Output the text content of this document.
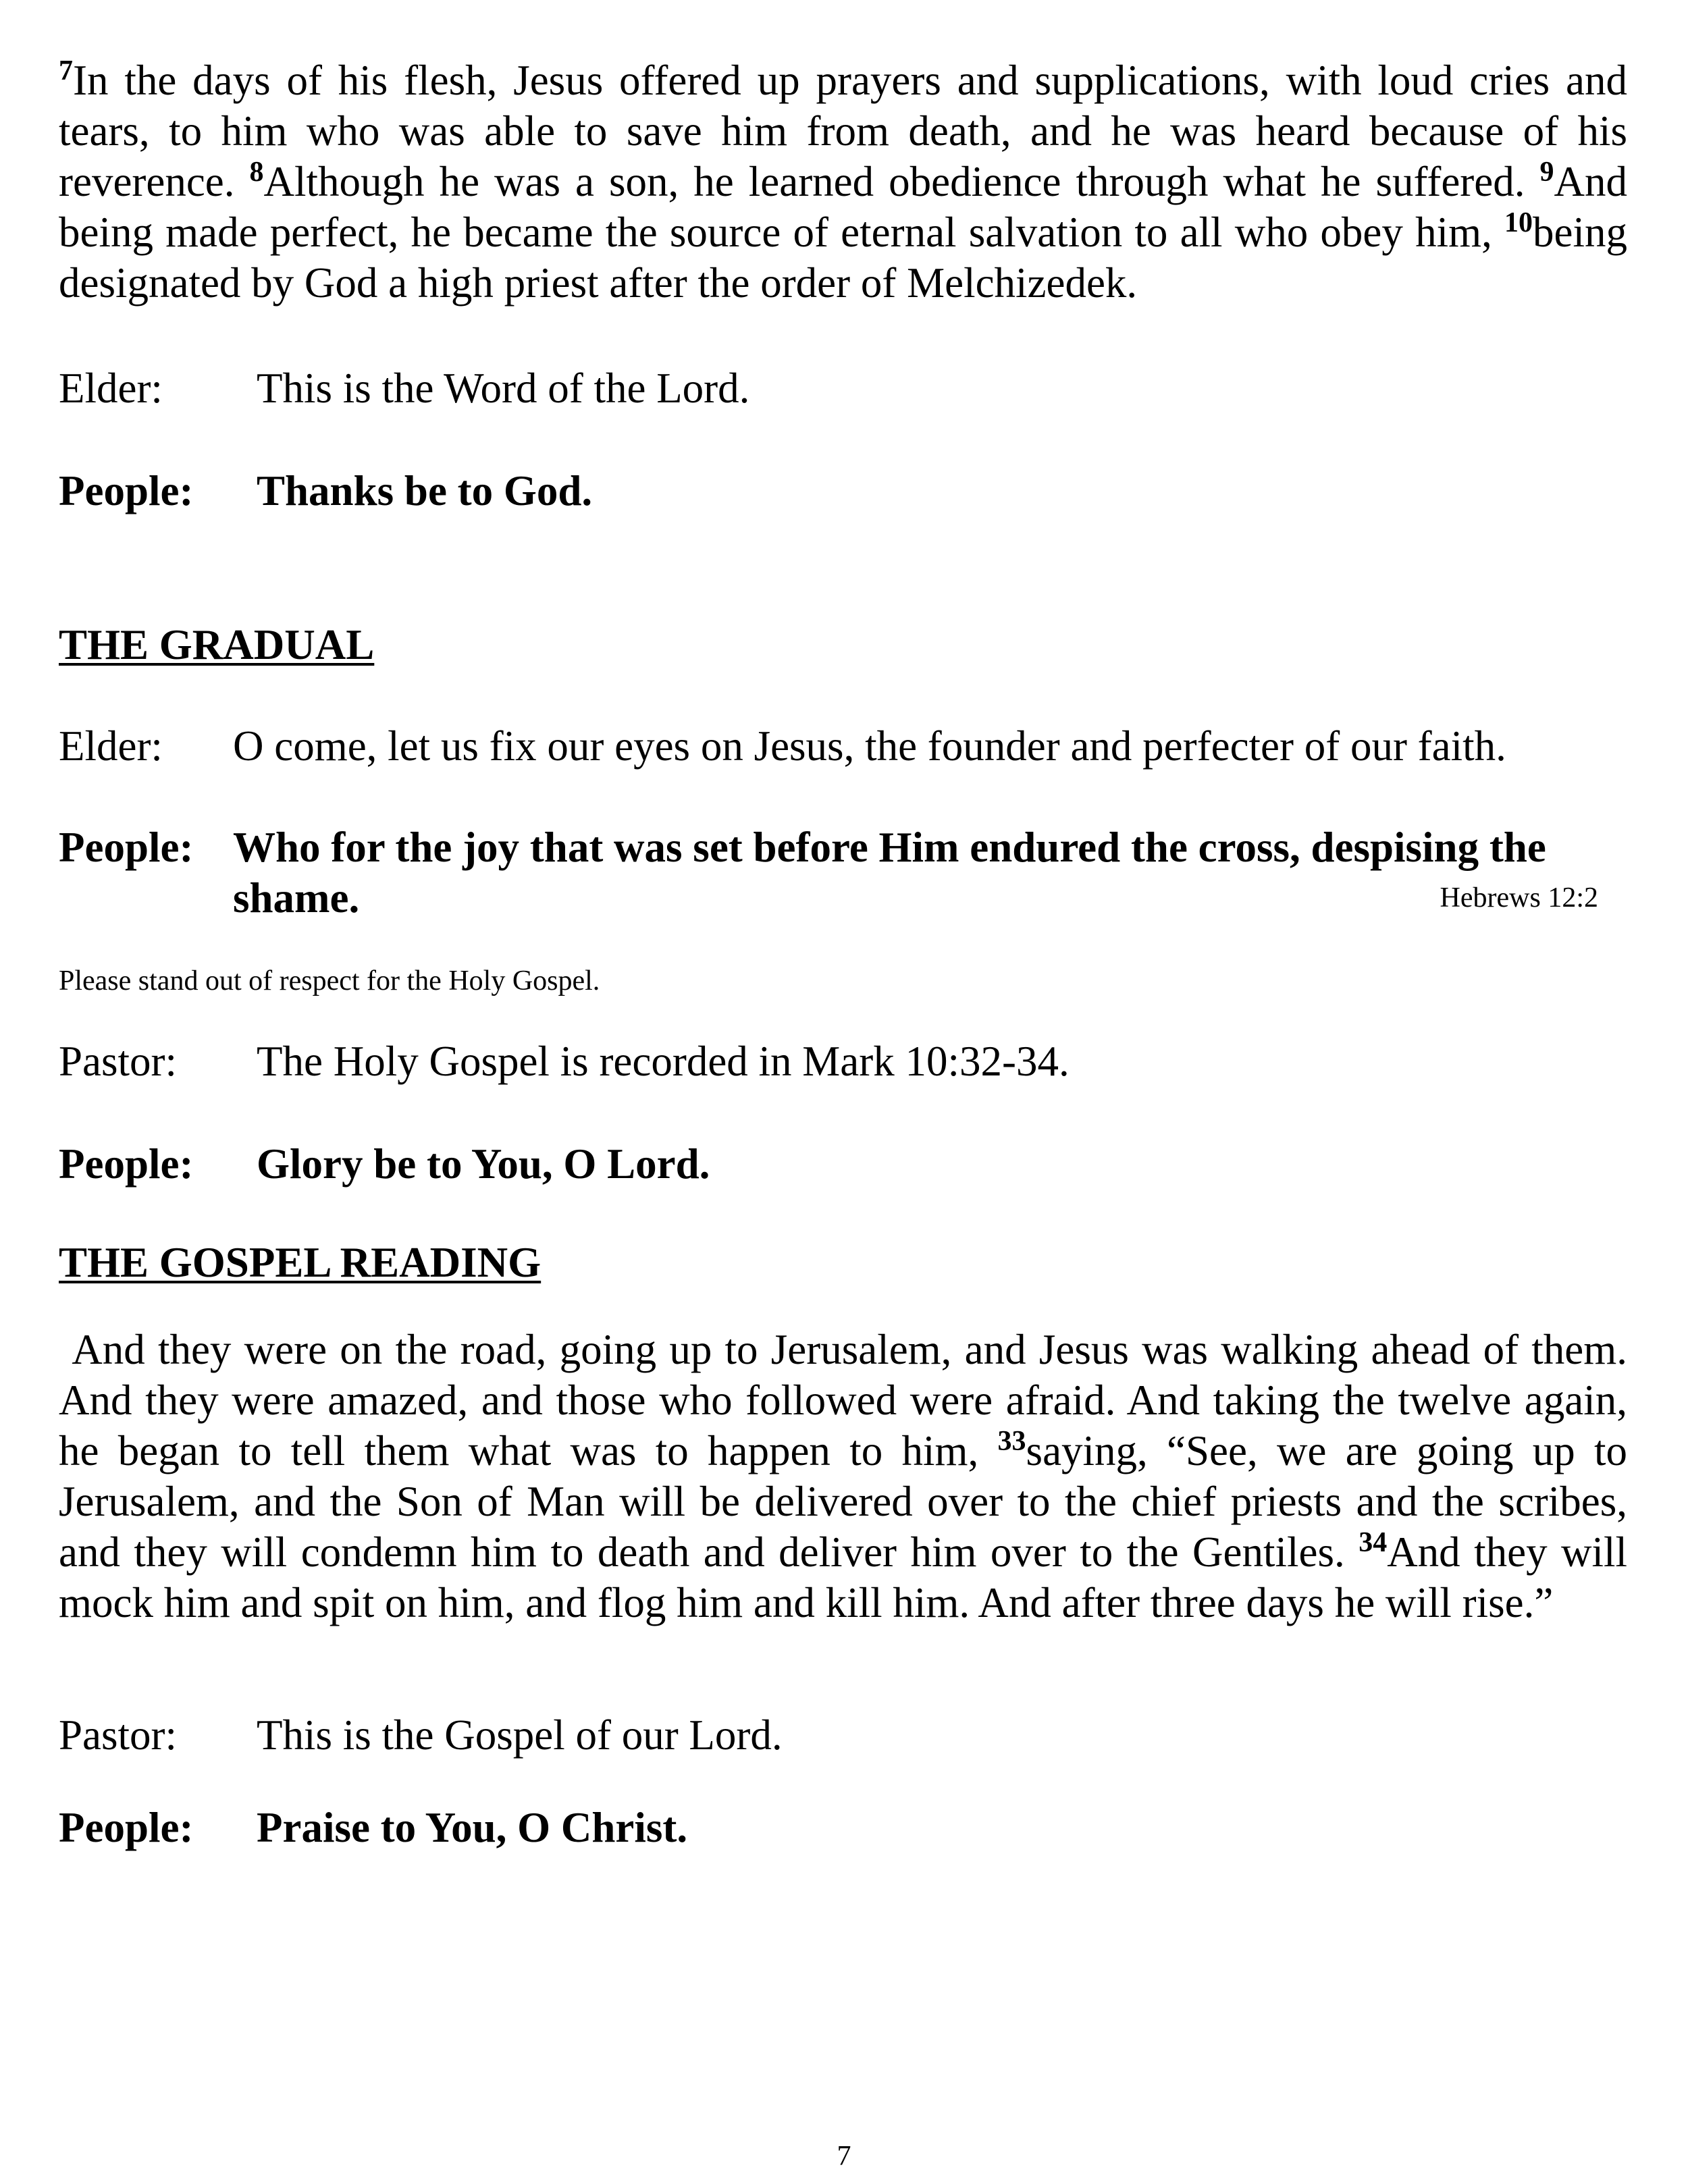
$^7$In the days of his flesh, Jesus offered up prayers and supplications, with loud cries and tears, to him who was able to save him from death, and he was heard because of his reverence. $^8$Although he was a son, he learned obedience through what he suffered. $^9$And being made perfect, he became the source of eternal salvation to all who obey him, $^{10}$being designated by God a high priest after the order of Melchizedek.
Elder:	This is the Word of the Lord.
People:	Thanks be to God.
THE GRADUAL
Elder:	O come, let us fix our eyes on Jesus, the founder and perfecter of our faith.
People: Who for the joy that was set before Him endured the cross, despising the shame.	Hebrews 12:2
Please stand out of respect for the Holy Gospel.
Pastor:	The Holy Gospel is recorded in Mark 10:32-34.
People:	Glory be to You, O Lord.
THE GOSPEL READING
And they were on the road, going up to Jerusalem, and Jesus was walking ahead of them. And they were amazed, and those who followed were afraid. And taking the twelve again, he began to tell them what was to happen to him, $^{33}$saying, “See, we are going up to Jerusalem, and the Son of Man will be delivered over to the chief priests and the scribes, and they will condemn him to death and deliver him over to the Gentiles. $^{34}$And they will mock him and spit on him, and flog him and kill him. And after three days he will rise.”
Pastor:	This is the Gospel of our Lord.
People:	Praise to You, O Christ.
7
